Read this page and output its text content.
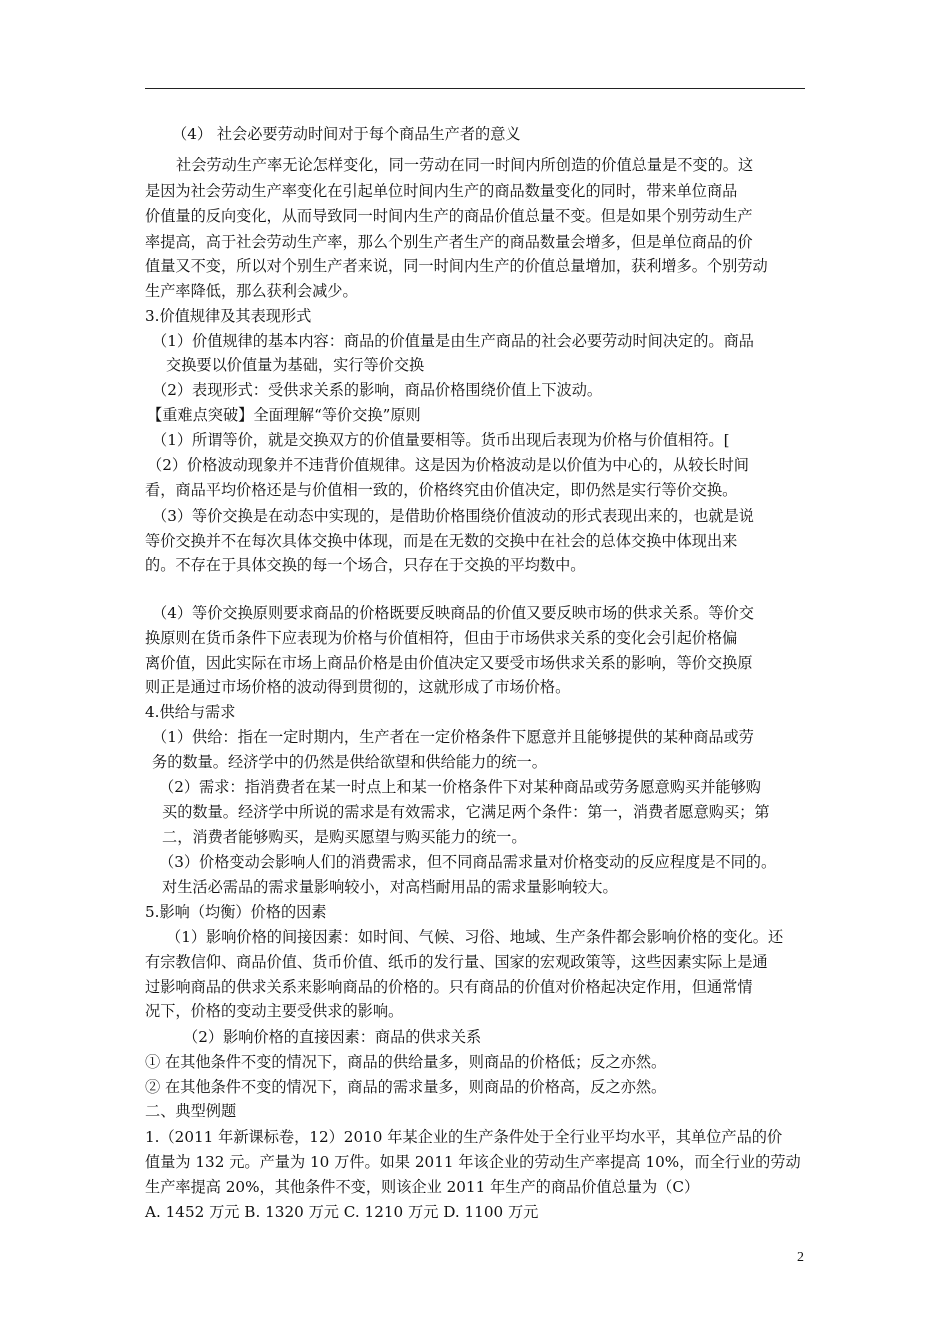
（4） 社会必要劳动时间对于每个商品生产者的意义
社会劳动生产率无论怎样变化，同一劳动在同一时间内所创造的价值总量是不变的。这
是因为社会劳动生产率变化在引起单位时间内生产的商品数量变化的同时，带来单位商品
价值量的反向变化，从而导致同一时间内生产的商品价值总量不变。但是如果个别劳动生产
率提高，高于社会劳动生产率，那么个别生产者生产的商品数量会增多，但是单位商品的价
值量又不变，所以对个别生产者来说，同一时间内生产的价值总量增加，获利增多。个别劳动
生产率降低，那么获利会减少。
3.价值规律及其表现形式
（1）价值规律的基本内容：商品的价值量是由生产商品的社会必要劳动时间决定的。商品
交换要以价值量为基础，实行等价交换
（2）表现形式：受供求关系的影响，商品价格围绕价值上下波动。
【重难点突破】全面理解“等价交换”原则
（1）所谓等价，就是交换双方的价值量要相等。货币出现后表现为价格与价值相符。[
（2）价格波动现象并不违背价值规律。这是因为价格波动是以价值为中心的，从较长时间
看，商品平均价格还是与价值相一致的，价格终究由价值决定，即仍然是实行等价交换。
（3）等价交换是在动态中实现的，是借助价格围绕价值波动的形式表现出来的，也就是说
等价交换并不在每次具体交换中体现，而是在无数的交换中在社会的总体交换中体现出来
的。不存在于具体交换的每一个场合，只存在于交换的平均数中。
（4）等价交换原则要求商品的价格既要反映商品的价值又要反映市场的供求关系。等价交
换原则在货币条件下应表现为价格与价值相符，但由于市场供求关系的变化会引起价格偏
离价值，因此实际在市场上商品价格是由价值决定又要受市场供求关系的影响，等价交换原
则正是通过市场价格的波动得到贯彻的，这就形成了市场价格。
4.供给与需求
（1）供给：指在一定时期内，生产者在一定价格条件下愿意并且能够提供的某种商品或劳
务的数量。经济学中的仍然是供给欲望和供给能力的统一。
（2）需求：指消费者在某一时点上和某一价格条件下对某种商品或劳务愿意购买并能够购
买的数量。经济学中所说的需求是有效需求，它满足两个条件：第一，消费者愿意购买；第
二，消费者能够购买，是购买愿望与购买能力的统一。
（3）价格变动会影响人们的消费需求，但不同商品需求量对价格变动的反应程度是不同的。
对生活必需品的需求量影响较小，对高档耐用品的需求量影响较大。
5.影响（均衡）价格的因素
（1）影响价格的间接因素：如时间、气候、习俗、地域、生产条件都会影响价格的变化。还
有宗教信仰、商品价值、货币价值、纸币的发行量、国家的宏观政策等，这些因素实际上是通
过影响商品的供求关系来影响商品的价格的。只有商品的价值对价格起决定作用，但通常情
况下，价格的变动主要受供求的影响。
（2）影响价格的直接因素：商品的供求关系
① 在其他条件不变的情况下，商品的供给量多，则商品的价格低；反之亦然。
② 在其他条件不变的情况下，商品的需求量多，则商品的价格高，反之亦然。
二、典型例题
1.（2011 年新课标卷，12）2010 年某企业的生产条件处于全行业平均水平，其单位产品的价
值量为 132 元。产量为 10 万件。如果 2011 年该企业的劳动生产率提高 10%，而全行业的劳动
生产率提高 20%，其他条件不变，则该企业 2011 年生产的商品价值总量为（C）
A. 1452 万元 B. 1320 万元 C. 1210 万元 D. 1100 万元
2
